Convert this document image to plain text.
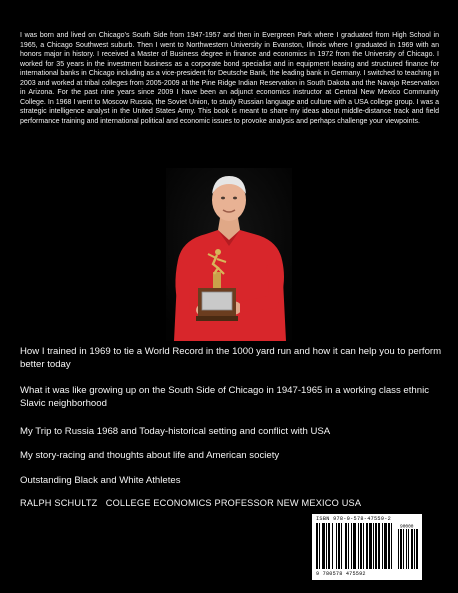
I was born and lived on Chicago’s South Side from 1947-1957 and then in Evergreen Park where I graduated from High School in 1965, a Chicago Southwest suburb. Then I went to Northwestern University in Evanston, Illinois where I graduated in 1969 with an honors major in history. I received a Master of Business degree in finance and economics in 1972 from the University of Chicago. I worked for 35 years in the investment business as a corporate bond specialist and in equipment leasing and structured finance for international banks in Chicago including as a vice-president for Deutsche Bank, the leading bank in Germany. I switched to teaching in 2003 and worked at tribal colleges from 2005-2009 at the Pine Ridge Indian Reservation in South Dakota and the Navajo Reservation in Arizona. For the past nine years since 2009 I have been an adjunct economics instructor at Central New Mexico Community College. In 1968 I went to Moscow Russia, the Soviet Union, to study Russian language and culture with a USA college group. I was a strategic intelligence analyst in the United States Army. This book is meant to share my ideas about middle-distance track and field performance training and international political and economic issues to provoke analysis and perhaps challenge your viewpoints.
How I trained in 1969 to tie a World Record in the 1000 yard run and how it can help you to perform better today
What it was like growing up on the South Side of Chicago in 1947-1965 in a working class ethnic Slavic neighborhood
My Trip to Russia 1968 and Today-historical setting and conflict with USA
My story-racing and thoughts about life and American society
Outstanding Black and White Athletes
RALPH SCHULTZ   COLLEGE ECONOMICS PROFESSOR NEW MEXICO USA
ISBN 978-0-578-47559-2
90000
9 780578 475592
